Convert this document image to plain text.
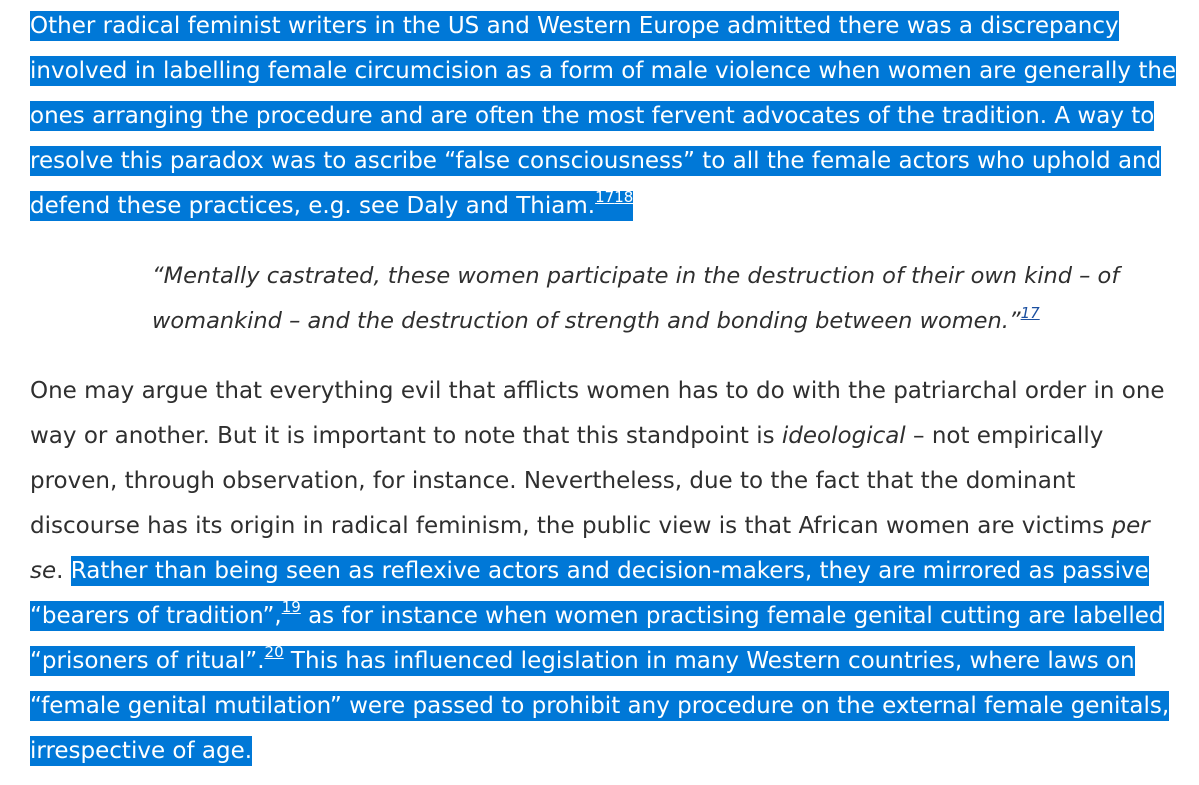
Other radical feminist writers in the US and Western Europe admitted there was a discrepancy
involved in labelling female circumcision as a form of male violence when women are generally the
ones arranging the procedure and are often the most fervent advocates of the tradition. A way to
resolve this paradox was to ascribe “false consciousness” to all the female actors who uphold and
defend these practices, e.g. see Daly and Thiam.$^{1718}$
“Mentally castrated, these women participate in the destruction of their own kind – of
womankind – and the destruction of strength and bonding between women.”$^{17}$
One may argue that everything evil that afflicts women has to do with the patriarchal order in one
way or another. But it is important to note that this standpoint is ideological – not empirically
proven, through observation, for instance. Nevertheless, due to the fact that the dominant
discourse has its origin in radical feminism, the public view is that African women are victims per
se. Rather than being seen as reflexive actors and decision-makers, they are mirrored as passive
“bearers of tradition”,$^{19}$ as for instance when women practising female genital cutting are labelled
“prisoners of ritual”.$^{20}$ This has influenced legislation in many Western countries, where laws on
“female genital mutilation” were passed to prohibit any procedure on the external female genitals,
irrespective of age.
